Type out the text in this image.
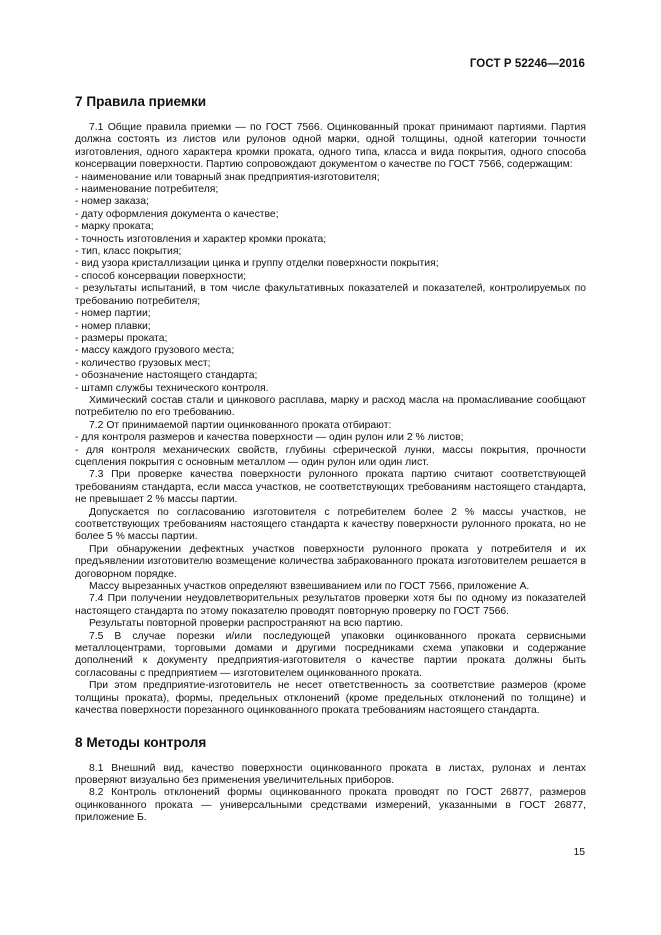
ГОСТ Р 52246—2016
7 Правила приемки

7.1 Общие правила приемки — по ГОСТ 7566. Оцинкованный прокат принимают партиями. Партия должна состоять из листов или рулонов одной марки, одной толщины, одной категории точности изготовления, одного характера кромки проката, одного типа, класса и вида покрытия, одного способа консервации поверхности. Партию сопровождают документом о качестве по ГОСТ 7566, содержащим:

- наименование или товарный знак предприятия-изготовителя;

- наименование потребителя;

- номер заказа;

- дату оформления документа о качестве;

- марку проката;

- точность изготовления и характер кромки проката;

- тип, класс покрытия;

- вид узора кристаллизации цинка и группу отделки поверхности покрытия;

- способ консервации поверхности;

- результаты испытаний, в том числе факультативных показателей и показателей, контролируемых по требованию потребителя;

- номер партии;

- номер плавки;

- размеры проката;

- массу каждого грузового места;

- количество грузовых мест;

- обозначение настоящего стандарта;

- штамп службы технического контроля.

Химический состав стали и цинкового расплава, марку и расход масла на промасливание сообщают потребителю по его требованию.

7.2 От принимаемой партии оцинкованного проката отбирают:

- для контроля размеров и качества поверхности — один рулон или 2 % листов;

- для контроля механических свойств, глубины сферической лунки, массы покрытия, прочности сцепления покрытия с основным металлом — один рулон или один лист.

7.3 При проверке качества поверхности рулонного проката партию считают соответствующей требованиям стандарта, если масса участков, не соответствующих требованиям настоящего стандарта, не превышает 2 % массы партии.

Допускается по согласованию изготовителя с потребителем более 2 % массы участков, не соответствующих требованиям настоящего стандарта к качеству поверхности рулонного проката, но не более 5 % массы партии.

При обнаружении дефектных участков поверхности рулонного проката у потребителя и их предъявлении изготовителю возмещение количества забракованного проката изготовителем решается в договорном порядке.

Массу вырезанных участков определяют взвешиванием или по ГОСТ 7566, приложение А.

7.4 При получении неудовлетворительных результатов проверки хотя бы по одному из показателей настоящего стандарта по этому показателю проводят повторную проверку по ГОСТ 7566.

Результаты повторной проверки распространяют на всю партию.

7.5 В случае порезки и/или последующей упаковки оцинкованного проката сервисными металлоцентрами, торговыми домами и другими посредниками схема упаковки и содержание дополнений к документу предприятия-изготовителя о качестве партии проката должны быть согласованы с предприятием — изготовителем оцинкованного проката.

При этом предприятие-изготовитель не несет ответственность за соответствие размеров (кроме толщины проката), формы, предельных отклонений (кроме предельных отклонений по толщине) и качества поверхности порезанного оцинкованного проката требованиям настоящего стандарта.

8 Методы контроля

8.1 Внешний вид, качество поверхности оцинкованного проката в листах, рулонах и лентах проверяют визуально без применения увеличительных приборов.

8.2 Контроль отклонений формы оцинкованного проката проводят по ГОСТ 26877, размеров оцинкованного проката — универсальными средствами измерений, указанными в ГОСТ 26877, приложение Б.

15
